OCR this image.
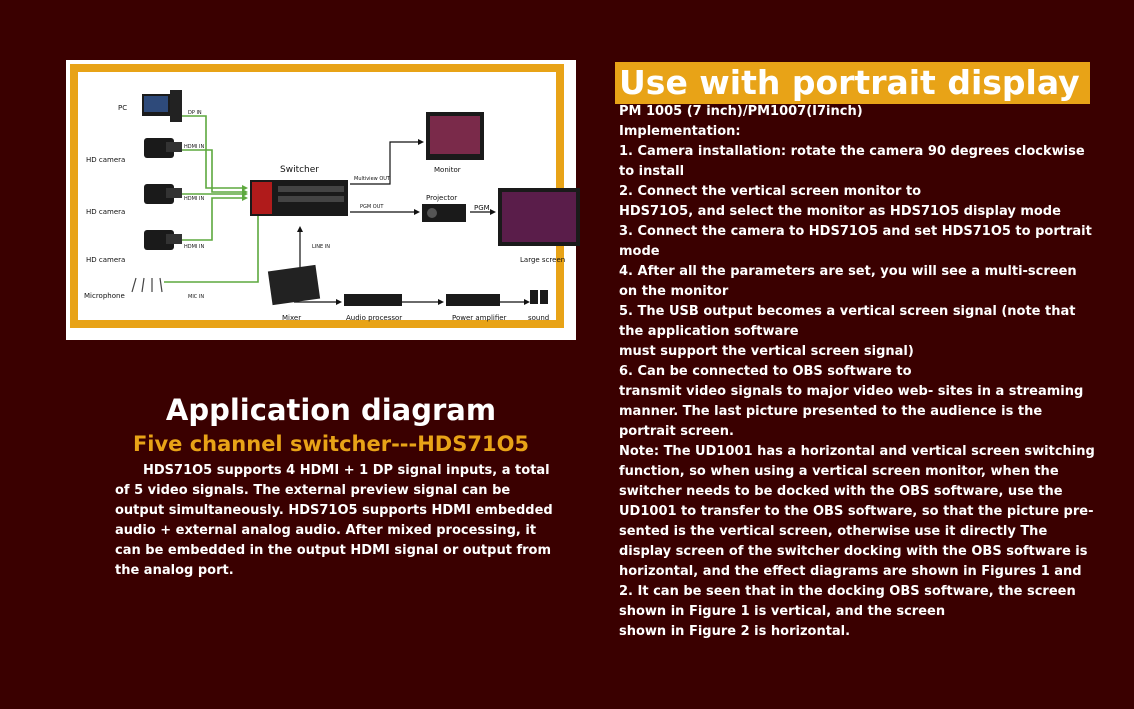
PC
HD camera
HD camera
HD camera
Microphone
DP IN
HDMI IN
HDMI IN
HDMI IN
MIC IN
Switcher
Multiview OUT
PGM OUT
LINE IN
Monitor
Projector
PGM
Large screen
Mixer	Audio processor	Power amplifier	sound
Application diagram
Five channel switcher---HDS71O5
HDS71O5 supports 4 HDMI + 1 DP signal inputs, a total of 5 video signals. The external preview signal can be output simultaneously. HDS71O5 supports HDMI embedded audio + external analog audio. After mixed processing, it can be embedded in the output HDMI signal or output from the analog port.
Use with portrait display
PM 1005 (7 inch)/PM1007(I7inch)
Implementation:
1. Camera installation: rotate the camera 90 degrees clockwise to install
2. Connect the vertical screen monitor to
HDS71O5, and select the monitor as HDS71O5 display mode
3. Connect the camera to HDS71O5 and set HDS71O5 to portrait mode
4. After all the parameters are set, you will see a multi-screen on the monitor
5. The USB output becomes a vertical screen signal (note that the application software
must support the vertical screen signal)
6. Can be connected to OBS software to
transmit video signals to major video web- sites in a streaming manner. The last picture presented to the audience is the portrait screen.
Note: The UD1001 has a horizontal and vertical screen switching function, so when using a vertical screen monitor, when the switcher needs to be docked with the OBS software, use the UD1001 to transfer to the OBS software, so that the picture pre- sented is the vertical screen, otherwise use it directly The display screen of the switcher docking with the OBS software is horizontal, and the effect diagrams are shown in Figures 1 and 2. It can be seen that in the docking OBS software, the screen shown in Figure 1 is vertical, and the screen
shown in Figure 2 is horizontal.
